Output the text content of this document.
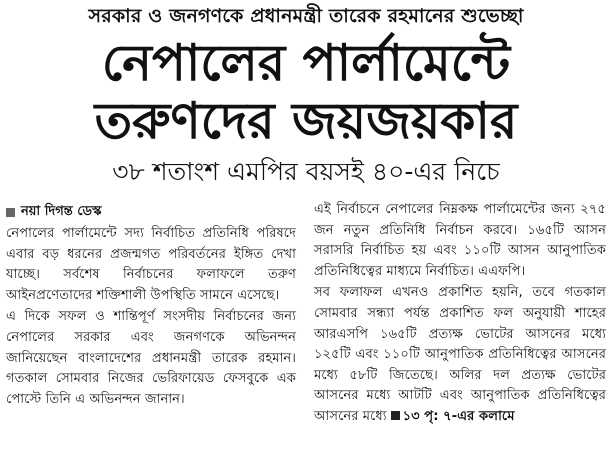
সরকার ও জনগণকে প্রধানমন্ত্রী তারেক রহমানের শুভেচ্ছা
নেপালের পার্লামেন্টে
তরুণদের জয়জয়কার
৩৮ শতাংশ এমপির বয়সই ৪০-এর নিচে
নয়া দিগন্ত ডেস্ক

নেপালের পার্লামেন্টে সদ্য নির্বাচিত প্রতিনিধি পরিষদে এবার বড় ধরনের প্রজন্মগত পরিবর্তনের ইঙ্গিত দেখা যাচ্ছে। সর্বশেষ নির্বাচনের ফলাফলে তরুণ আইনপ্রণেতাদের শক্তিশালী উপস্থিতি সামনে এসেছে।

এ দিকে সফল ও শান্তিপূর্ণ সংসদীয় নির্বাচনের জন্য নেপালের সরকার এবং জনগণকে অভিনন্দন জানিয়েছেন বাংলাদেশের প্রধানমন্ত্রী তারেক রহমান। গতকাল সোমবার নিজের ভেরিফায়েড ফেসবুকে এক পোস্টে তিনি এ অভিনন্দন জানান।

এই নির্বাচনে নেপালের নিম্নকক্ষ পার্লামেন্টের জন্য ২৭৫ জন নতুন প্রতিনিধি নির্বাচন করবে। ১৬৫টি আসন সরাসরি নির্বাচিত হয় এবং ১১০টি আসন আনুপাতিক প্রতিনিধিত্বের মাধ্যমে নির্বাচিত। এএফপি।

সব ফলাফল এখনও প্রকাশিত হয়নি, তবে গতকাল সোমবার সন্ধ্যা পর্যন্ত প্রকাশিত ফল অনুযায়ী শাহের আরএসপি ১৬৫টি প্রত্যক্ষ ভোটের আসনের মধ্যে ১২৫টি এবং ১১০টি আনুপাতিক প্রতিনিধিত্বের আসনের মধ্যে ৫৮টি জিতেছে। অলির দল প্রত্যক্ষ ভোটের আসনের মধ্যে আটটি এবং আনুপাতিক প্রতিনিধিত্বের আসনের মধ্যে ১৩ পৃ: ৭-এর কলামে
